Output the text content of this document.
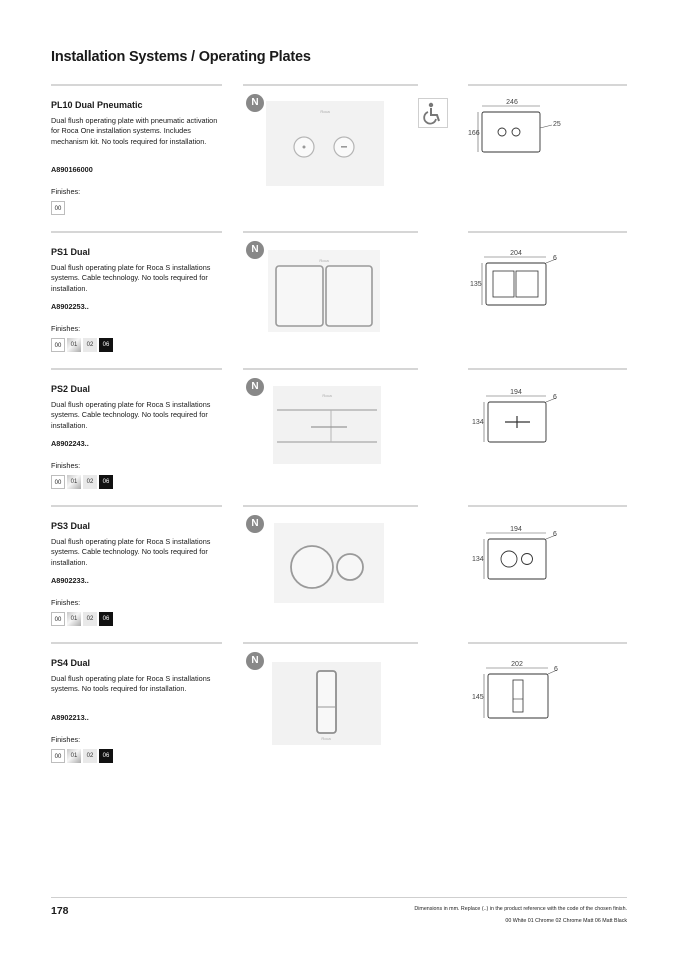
Installation Systems / Operating Plates
PL10 Dual Pneumatic
Dual flush operating plate with pneumatic activation for Roca One installation systems. Includes mechanism kit. No tools required for installation.
A890166000
Finishes:
00
N
Roca
246
166
25
PS1 Dual
Dual flush operating plate for Roca S installations systems. Cable technology. No tools required for installation.
A8902253..
Finishes:
00	01	02	06
N
Roca
204
135
6
PS2 Dual
Dual flush operating plate for Roca S installations systems. Cable technology. No tools required for installation.
A8902243..
Finishes:
00	01	02	06
N
Roca	194
134
6
PS3 Dual
Dual flush operating plate for Roca S installations systems. Cable technology. No tools required for installation.
A8902233..
Finishes:
00	01	02	06
N
194
134
6
PS4 Dual
Dual flush operating plate for Roca S installations systems. No tools required for installation.
A8902213..
Finishes:
00	01	02	06
N
Roca
202
145
6
178	Dimensions in mm. Replace (..) in the product reference with the code of the chosen finish.
00 White 01 Chrome 02 Chrome Matt 06 Matt Black
